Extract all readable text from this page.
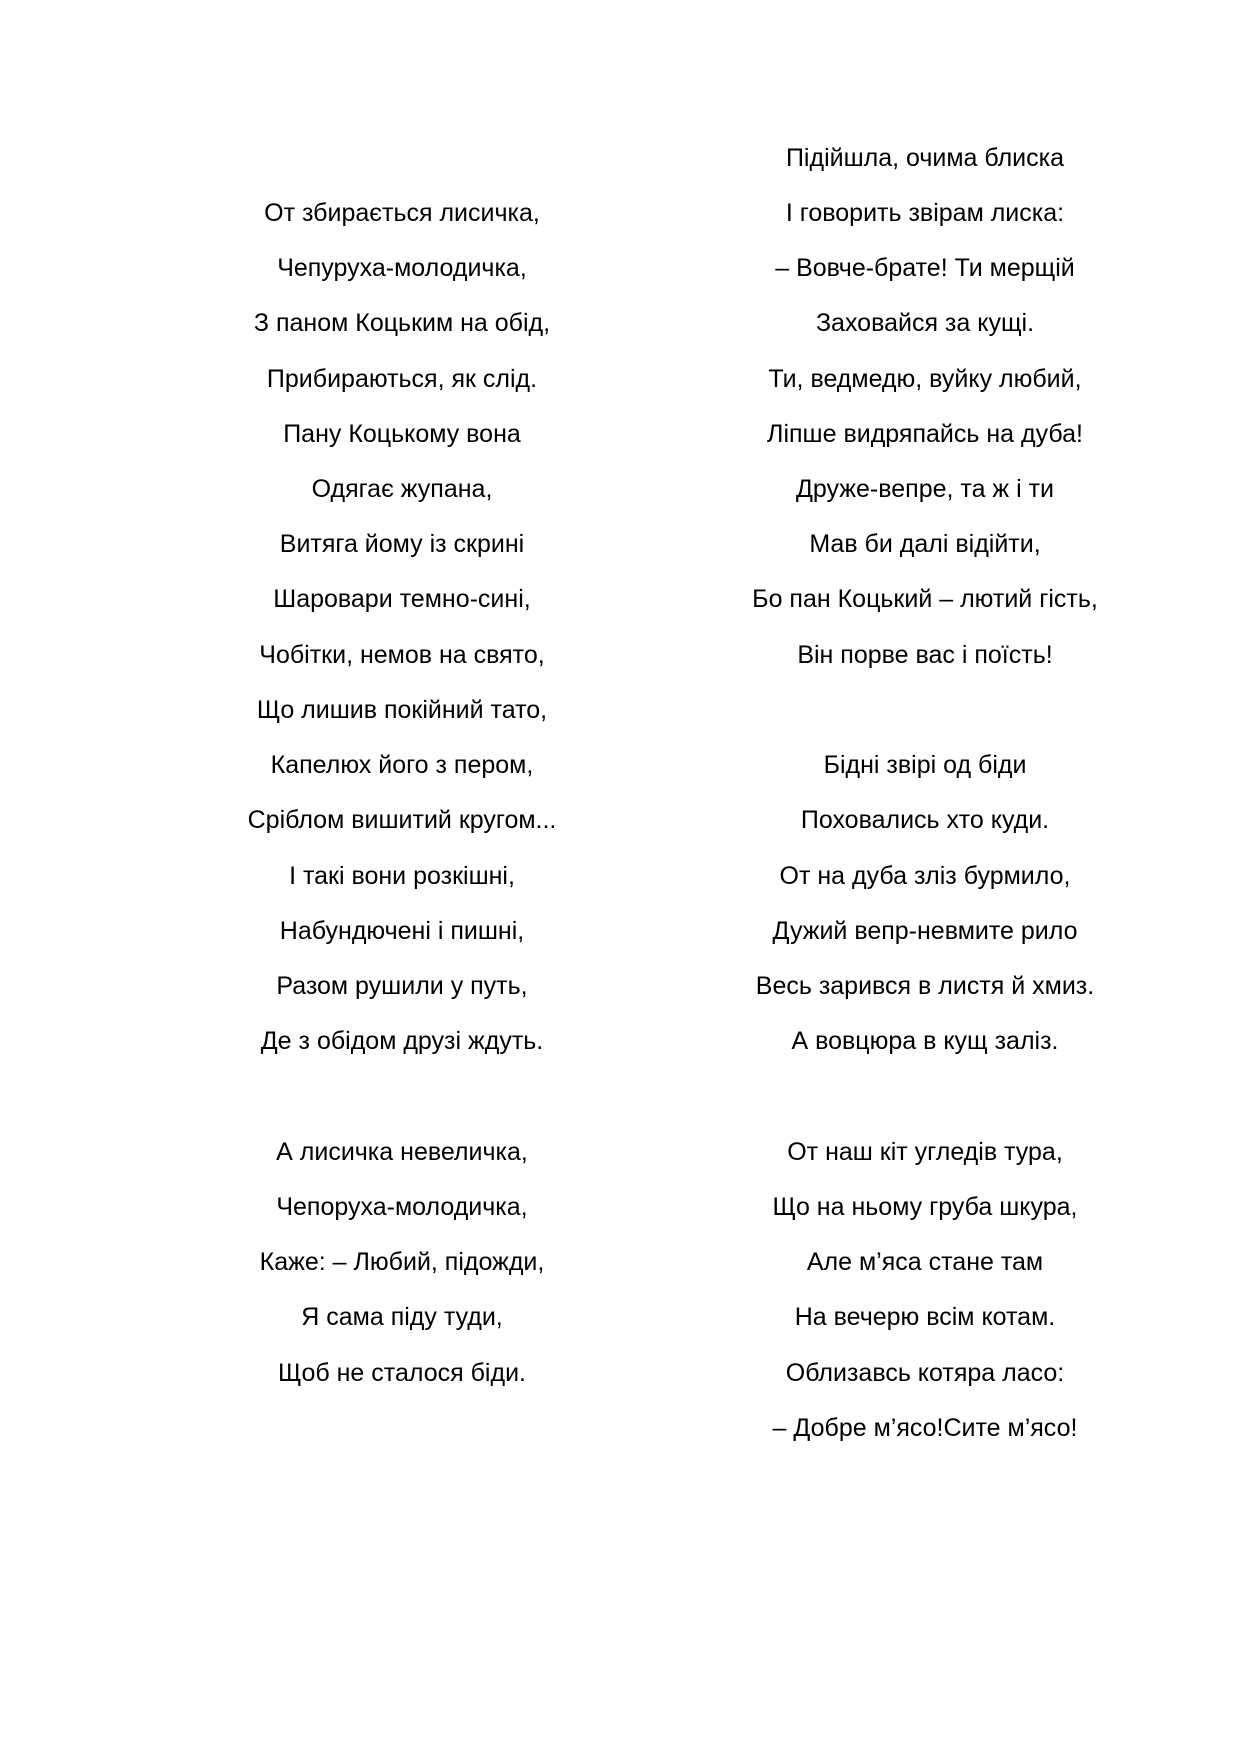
От збирається лисичка,
Чепуруха-молодичка,
З паном Коцьким на обід,
Прибираються, як слід.
Пану Коцькому вона
Одягає жупана,
Витяга йому із скрині
Шаровари темно-сині,
Чобітки, немов на свято,
Що лишив покійний тато,
Капелюх його з пером,
Сріблом вишитий кругом...
І такі вони розкішні,
Набундючені і пишні,
Разом рушили у путь,
Де з обідом друзі ждуть.
А лисичка невеличка,
Чепоруха-молодичка,
Каже: – Любий, підожди,
Я сама піду туди,
Щоб не сталося біди.
Підійшла, очима блиска
І говорить звірам лиска:
– Вовче-брате! Ти мерщій
Заховайся за кущі.
Ти, ведмедю, вуйку любий,
Ліпше видряпайсь на дуба!
Друже-вепре, та ж і ти
Мав би далі відійти,
Бо пан Коцький – лютий гість,
Він порве вас і поїсть!
Бідні звірі од біди
Поховались хто куди.
От на дуба зліз бурмило,
Дужий вепр-невмите рило
Весь зарився в листя й хмиз.
А вовцюра в кущ заліз.
От наш кіт угледів тура,
Що на ньому груба шкура,
Але м’яса стане там
На вечерю всім котам.
Облизавсь котяра ласо:
– Добре м’ясо!Сите м’ясо!
